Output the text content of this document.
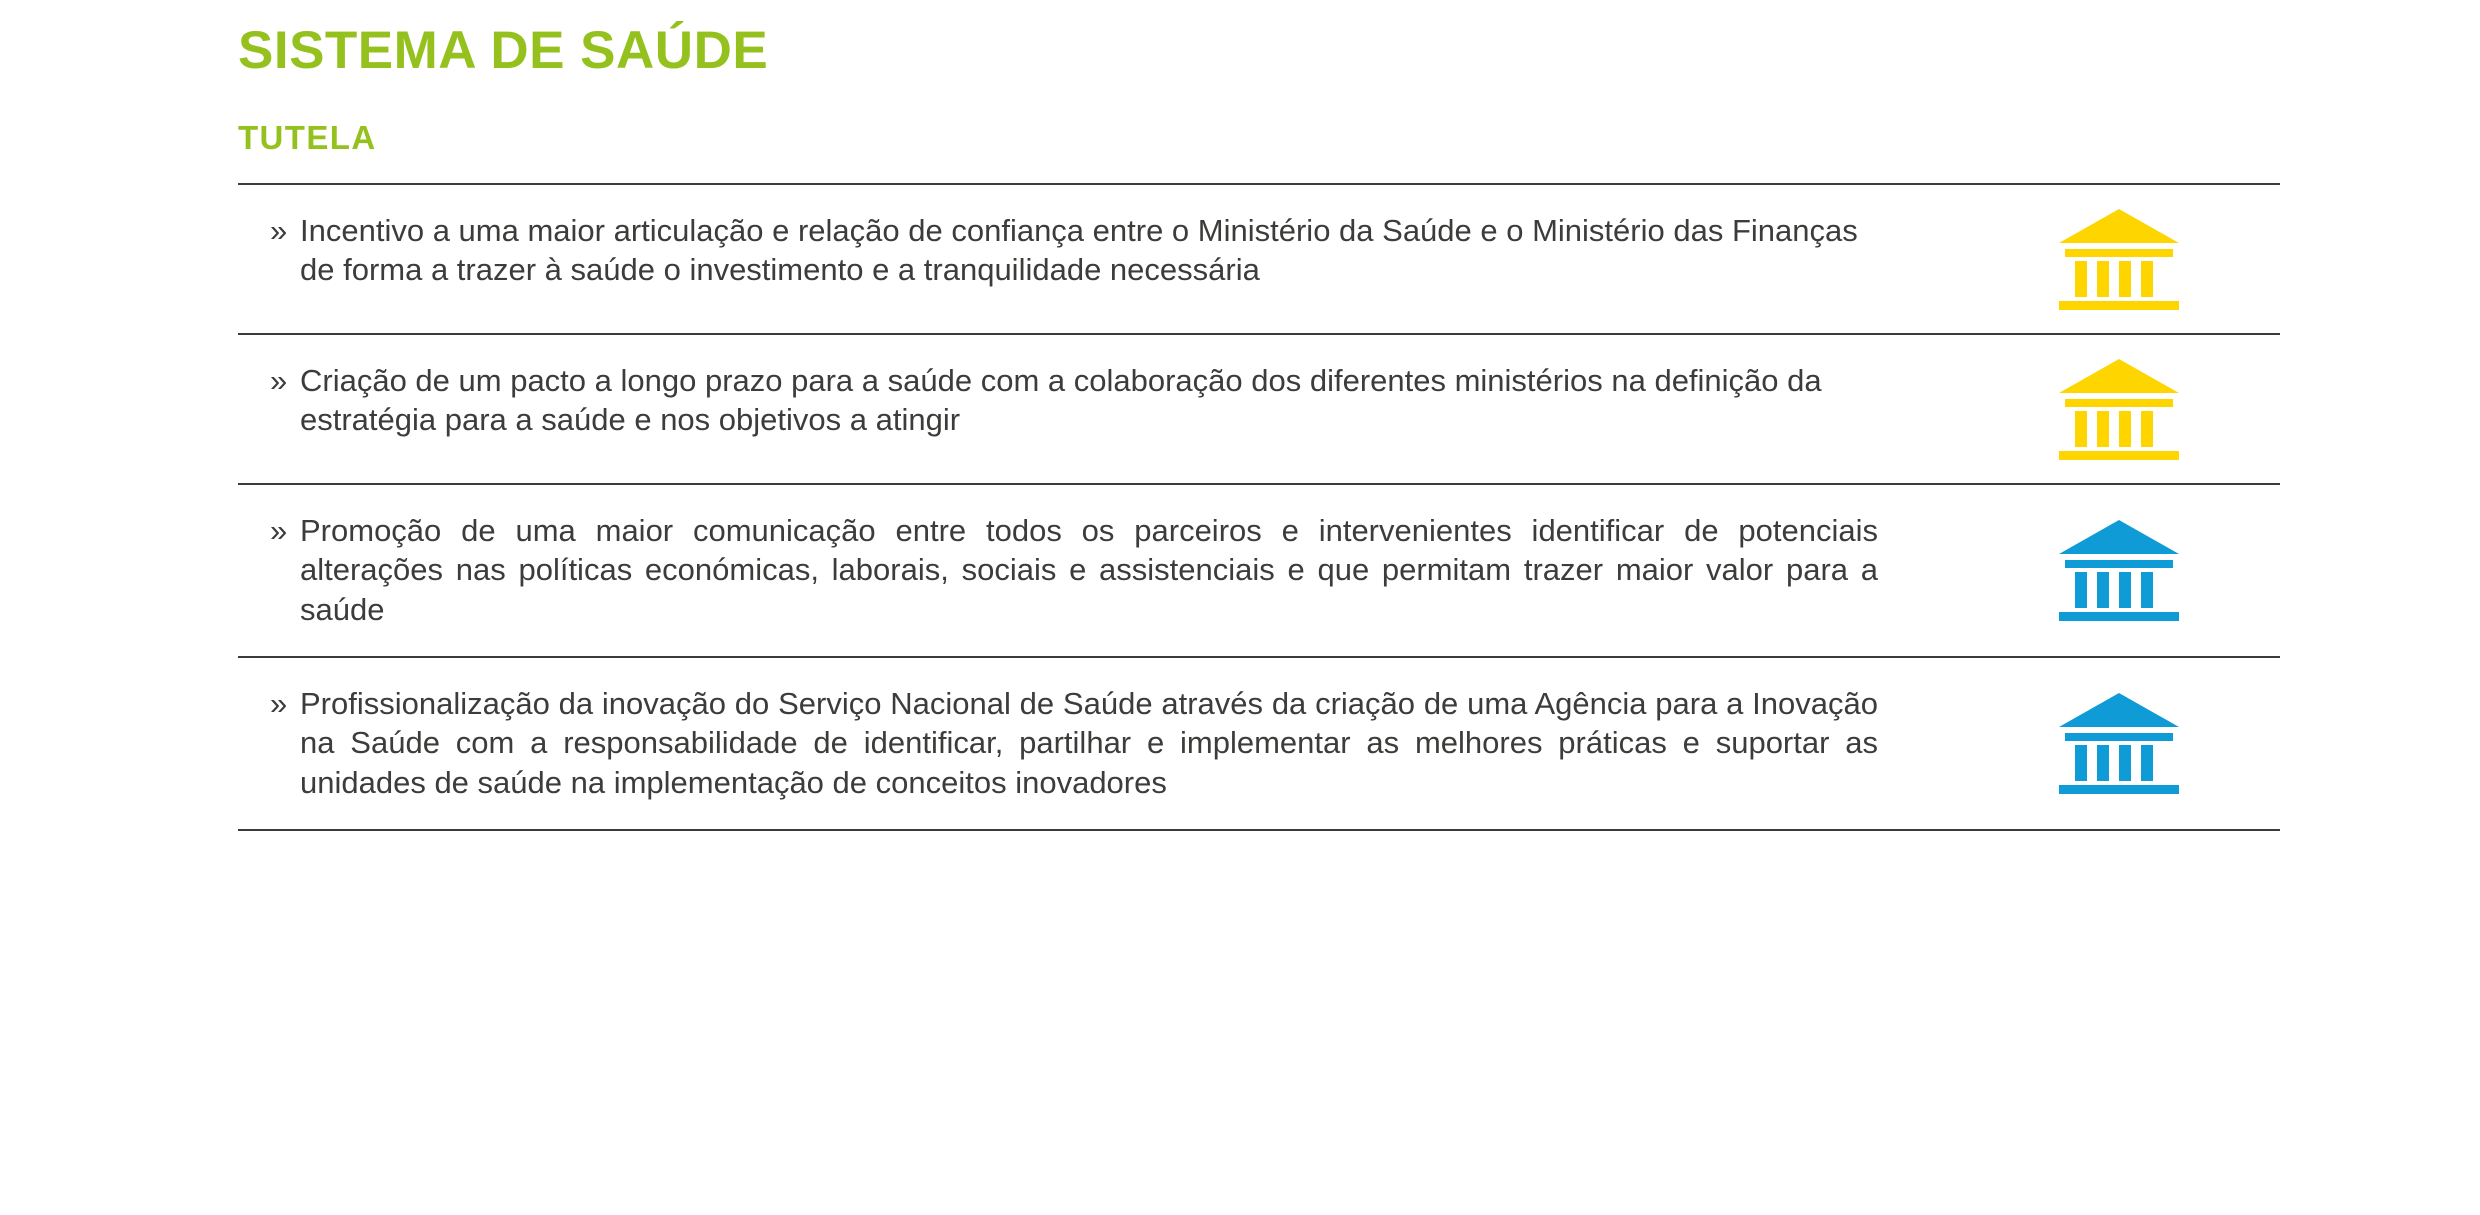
SISTEMA DE SAÚDE
TUTELA
» Incentivo a uma maior articulação e relação de confiança entre o Ministério da Saúde e o Ministério das Finanças de forma a trazer à saúde o investimento e a tranquilidade necessária
» Criação de um pacto a longo prazo para a saúde com a colaboração dos diferentes ministérios na definição da estratégia para a saúde e nos objetivos a atingir
» Promoção de uma maior comunicação entre todos os parceiros e intervenientes identificar de potenciais alterações nas políticas económicas, laborais, sociais e assistenciais e que permitam trazer maior valor para a saúde
» Profissionalização da inovação do Serviço Nacional de Saúde através da criação de uma Agência para a Inovação na Saúde com a responsabilidade de identificar, partilhar e implementar as melhores práticas e suportar as unidades de saúde na implementação de conceitos inovadores
